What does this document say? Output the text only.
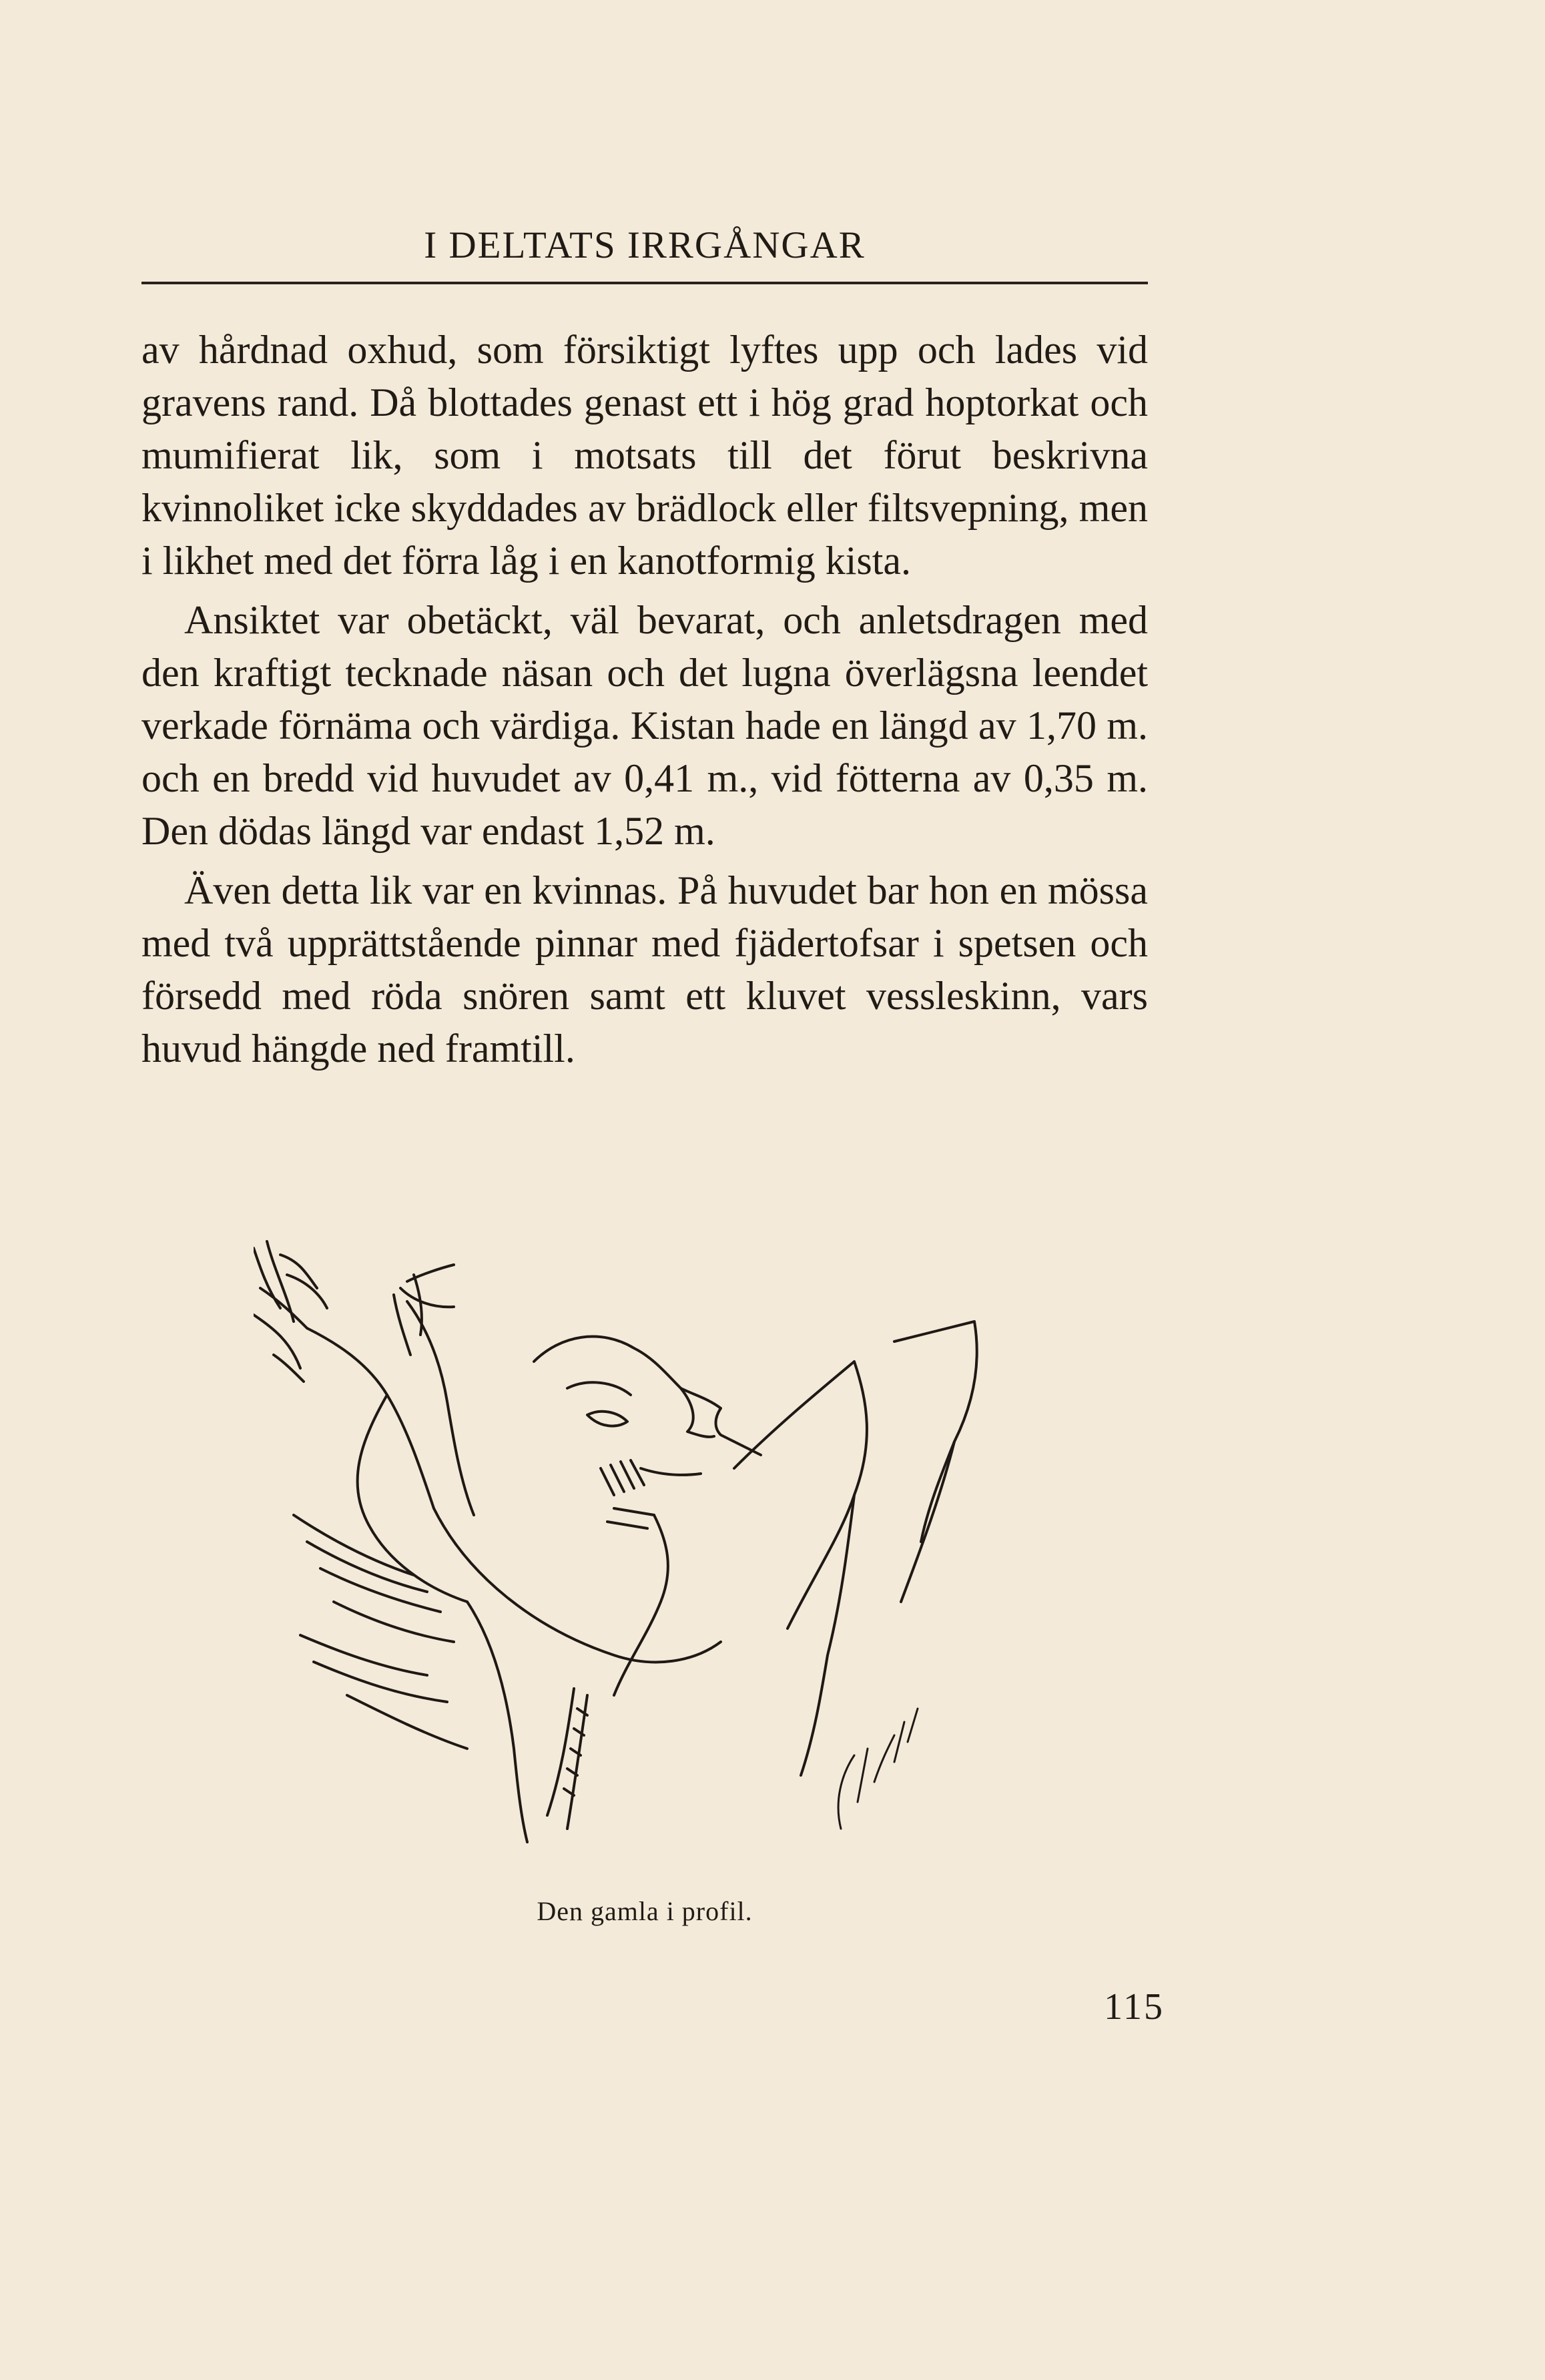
I DELTATS IRRGÅNGAR

av hårdnad oxhud, som försiktigt lyftes upp och lades vid gravens rand. Då blottades genast ett i hög grad hoptorkat och mumifierat lik, som i motsats till det förut beskrivna kvinnoliket icke skyddades av brädlock eller filtsvepning, men i likhet med det förra låg i en kanotformig kista.

Ansiktet var obetäckt, väl bevarat, och anletsdragen med den kraftigt tecknade näsan och det lugna överlägsna leendet verkade förnäma och värdiga. Kistan hade en längd av 1,70 m. och en bredd vid huvudet av 0,41 m., vid fötterna av 0,35 m. Den dödas längd var endast 1,52 m.

Även detta lik var en kvinnas. På huvudet bar hon en mössa med två upprättstående pinnar med fjädertofsar i spetsen och försedd med röda snören samt ett kluvet vessleskinn, vars huvud hängde ned framtill.

Den gamla i profil.
115
